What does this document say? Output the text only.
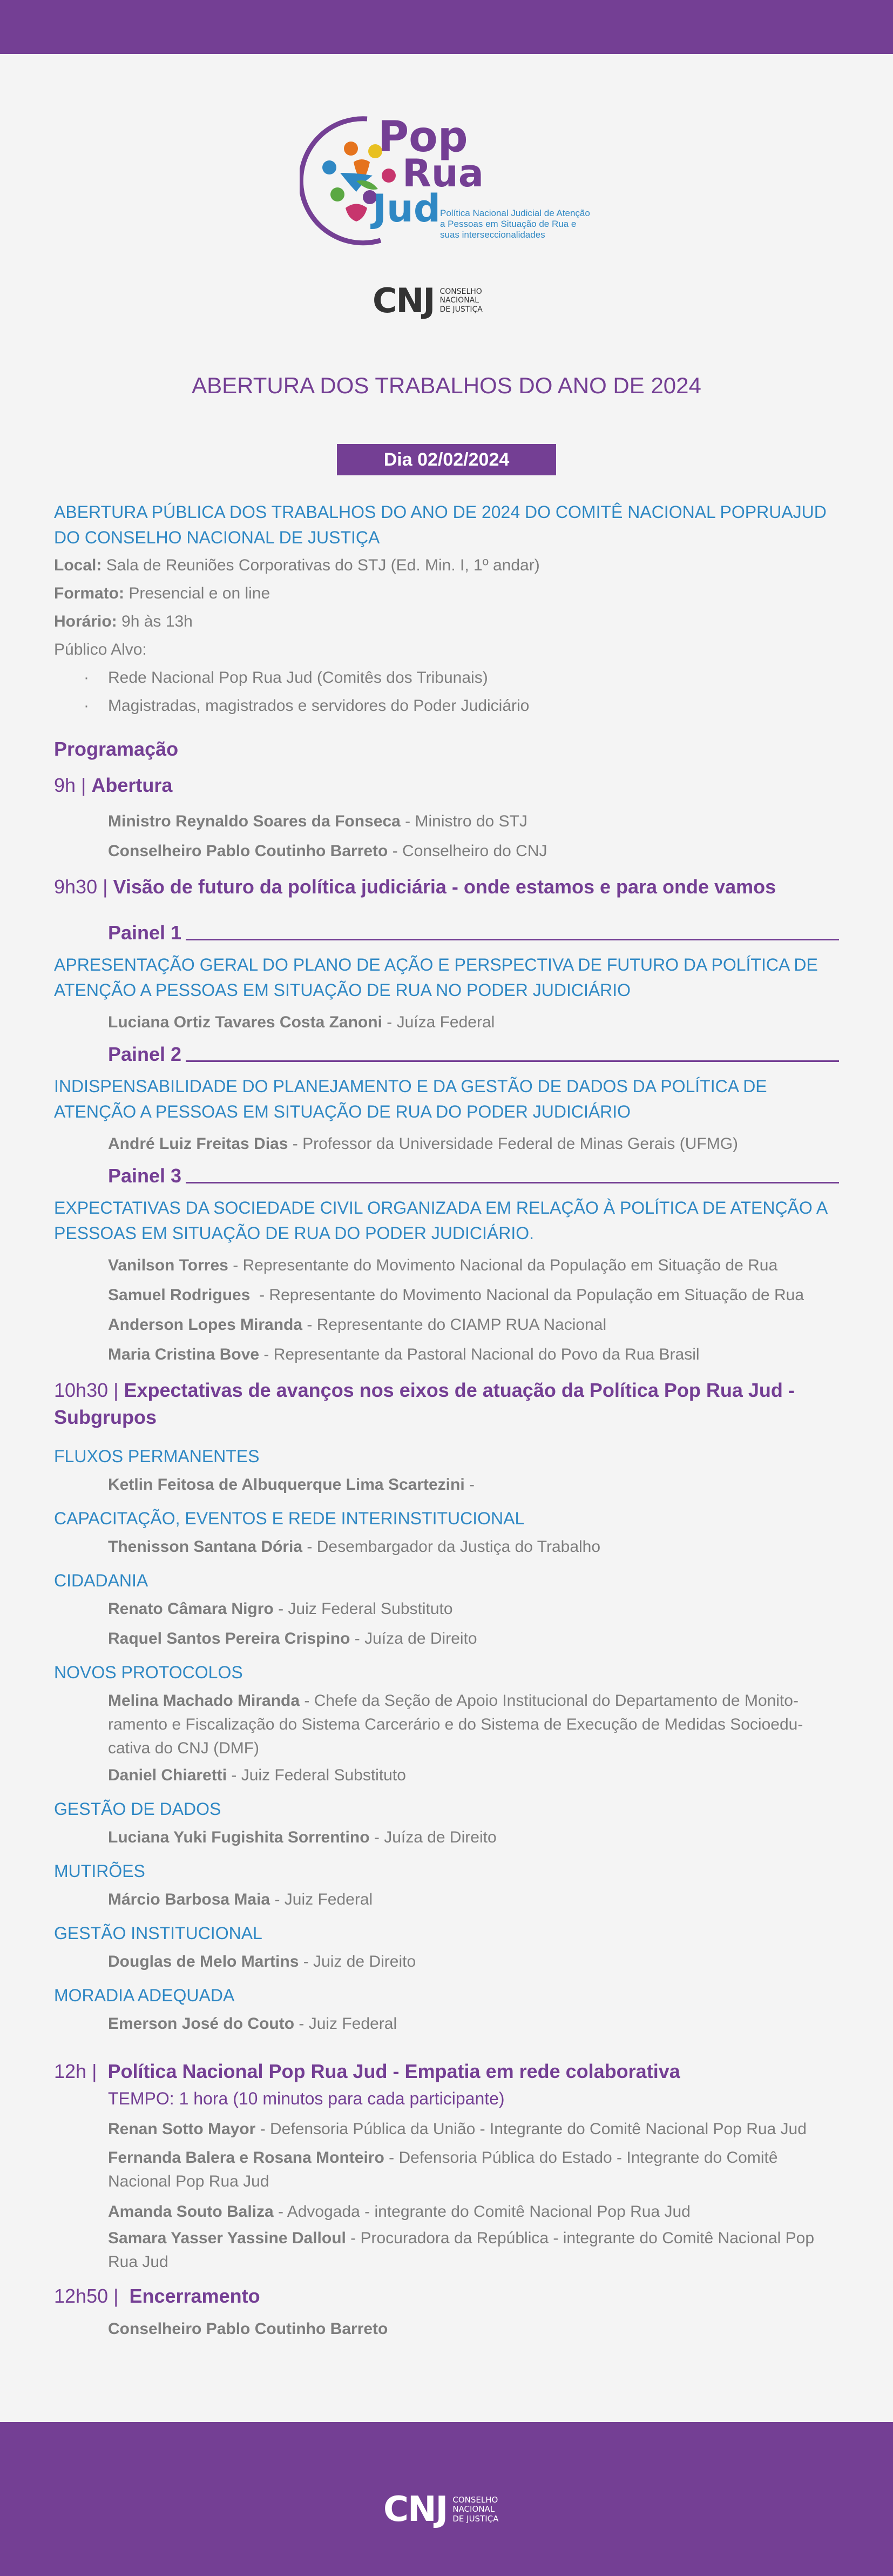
Pop
Rua
Jud Política Nacional Judicial de Atenção
a Pessoas em Situação de Rua e
suas interseccionalidades
CNJ CONSELHO
NACIONAL
DE JUSTIÇA
ABERTURA DOS TRABALHOS DO ANO DE 2024
Dia 02/02/2024
ABERTURA PÚBLICA DOS TRABALHOS DO ANO DE 2024 DO COMITÊ NACIONAL POPRUAJUD DO CONSELHO NACIONAL DE JUSTIÇA
Local: Sala de Reuniões Corporativas do STJ (Ed. Min. I, 1º andar)
Formato: Presencial e on line
Horário: 9h às 13h
Público Alvo:
· Rede Nacional Pop Rua Jud (Comitês dos Tribunais)
· Magistradas, magistrados e servidores do Poder Judiciário
Programação
9h | Abertura
Ministro Reynaldo Soares da Fonseca - Ministro do STJ
Conselheiro Pablo Coutinho Barreto - Conselheiro do CNJ
9h30 | Visão de futuro da política judiciária - onde estamos e para onde vamos
Painel 1
APRESENTAÇÃO GERAL DO PLANO DE AÇÃO E PERSPECTIVA DE FUTURO DA POLÍTICA DE ATENÇÃO A PESSOAS EM SITUAÇÃO DE RUA NO PODER JUDICIÁRIO
Luciana Ortiz Tavares Costa Zanoni - Juíza Federal
Painel 2
INDISPENSABILIDADE DO PLANEJAMENTO E DA GESTÃO DE DADOS DA POLÍTICA DE ATENÇÃO A PESSOAS EM SITUAÇÃO DE RUA DO PODER JUDICIÁRIO
André Luiz Freitas Dias - Professor da Universidade Federal de Minas Gerais (UFMG)
Painel 3
EXPECTATIVAS DA SOCIEDADE CIVIL ORGANIZADA EM RELAÇÃO À POLÍTICA DE ATENÇÃO A PESSOAS EM SITUAÇÃO DE RUA DO PODER JUDICIÁRIO.
Vanilson Torres - Representante do Movimento Nacional da População em Situação de Rua
Samuel Rodrigues  - Representante do Movimento Nacional da População em Situação de Rua
Anderson Lopes Miranda - Representante do CIAMP RUA Nacional
Maria Cristina Bove - Representante da Pastoral Nacional do Povo da Rua Brasil
10h30 | Expectativas de avanços nos eixos de atuação da Política Pop Rua Jud - Subgrupos
FLUXOS PERMANENTES
Ketlin Feitosa de Albuquerque Lima Scartezini -
CAPACITAÇÃO, EVENTOS E REDE INTERINSTITUCIONAL
Thenisson Santana Dória - Desembargador da Justiça do Trabalho
CIDADANIA
Renato Câmara Nigro - Juiz Federal Substituto
Raquel Santos Pereira Crispino - Juíza de Direito
NOVOS PROTOCOLOS
Melina Machado Miranda - Chefe da Seção de Apoio Institucional do Departamento de Monito-ramento e Fiscalização do Sistema Carcerário e do Sistema de Execução de Medidas Socioedu-cativa do CNJ (DMF)
Daniel Chiaretti - Juiz Federal Substituto
GESTÃO DE DADOS
Luciana Yuki Fugishita Sorrentino - Juíza de Direito
MUTIRÕES
Márcio Barbosa Maia - Juiz Federal
GESTÃO INSTITUCIONAL
Douglas de Melo Martins - Juiz de Direito
MORADIA ADEQUADA
Emerson José do Couto - Juiz Federal
12h |  Política Nacional Pop Rua Jud - Empatia em rede colaborativa
TEMPO: 1 hora (10 minutos para cada participante)
Renan Sotto Mayor - Defensoria Pública da União - Integrante do Comitê Nacional Pop Rua Jud
Fernanda Balera e Rosana Monteiro - Defensoria Pública do Estado - Integrante do Comitê Nacional Pop Rua Jud
Amanda Souto Baliza - Advogada - integrante do Comitê Nacional Pop Rua Jud
Samara Yasser Yassine Dalloul - Procuradora da República - integrante do Comitê Nacional Pop Rua Jud
12h50 |  Encerramento
Conselheiro Pablo Coutinho Barreto
CNJ CONSELHO
NACIONAL
DE JUSTIÇA
